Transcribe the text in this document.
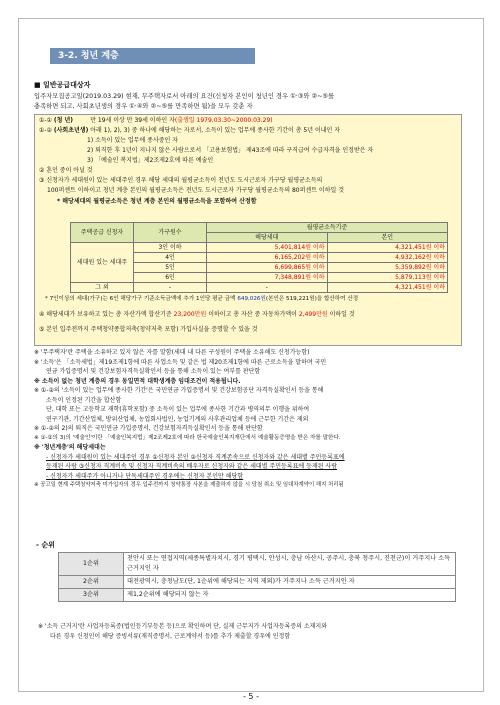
3-2. 청년 계층
■ 일반공급대상자
입주자모집공고일(2019.03.29) 현재, 무주택자로서 아래의 요건(신청자 본인이 청년인 경우 ①·③와 ②~⑤를
충족하면 되고, 사회초년생의 경우 ①·④와 ②~⑤를 만족하면 됨)을 모두 갖춘 자
①-① (청 년)	만 19세 이상 만 39세 이하인 자(출생일 1979.03.30~2000.03.29)
①-② (사회초년생) 아래 1), 2), 3) 중 하나에 해당하는 자로서, 소득이 있는 업무에 종사한 기간이 총 5년 이내인 자
1) 소득이 있는 업무에 종사중인 자
2) 퇴직한 후 1년이 지나지 않은 사람으로서 「고용보험법」 제43조에 따라 구직급여 수급자격을 인정받은 자
3) 「예술인 복지법」제2조제2호에 따른 예술인
② 혼인 중이 아닐 것
③ 신청자가 세대원이 있는 세대주인 경우 해당 세대의 월평균소득이 전년도 도시근로자 가구당 월평균소득의
100퍼센트 이하이고 청년 계층 본인의 월평균소득은 전년도 도시근로자 가구당 월평균소득의 80퍼센트 이하일 것
* 해당세대의 월평균소득은 청년 계층 본인의 월평균소득을 포함하여 산정함
* 7인이상의 세대(가구)는 6인 해당가구 기준소득금액에 추가 1인당 평균 금액 649,026원(본인은 519,221원)을 합산하여 산정
④ 해당세대가 보유하고 있는 총 자산가액 합산기준 23,200만원 이하이고 총 자산 중 자동차가액이 2,499만원 이하일 것
⑤ 본인 입주전까지 주택청약종합저축(청약저축 포함) 가입사실을 증명할 수 있을 것
주택공급 신청자	가구원수	월평균소득기준	
		해당세대	본인
세대원 있는 세대주	3인 이하	5,401,814원 이하	4,321,451원 이하
	4인	6,165,202원 이하	4,932,162원 이하
	5인	6,699,865원 이하	5,359,892원 이하
	6인	7,348,891원 이하	5,879,113원 이하
그 외	-	-	4,321,451원 이하
※ '무주택자'란 주택을 소유하고 있지 않은 자를 말함(세대 내 다른 구성원이 주택을 소유해도 신청가능함)
※ '소득'은 「소득세법」제19조제1항에 따른 사업소득 및 같은 법 제20조제1항에 따른 근로소득을 말하며 국민
연금 가입증명서 및 건강보험자격득실확인서 등을 통해 소득이 있는 여부를 판단함
※ 소득이 없는 청년 계층의 경우 동일면적 대학생계층 임대조건이 적용됩니다.
※ ①-②의 '소득이 있는 업무에 종사한 기간'은 국민연금 가입증명서 및 건강보험공단 자격득실확인서 등을 통해
소득이 인정된 기간을 합산함
단, 대학 또는 고등학교 재학(휴학포함) 중 소득이 있는 업무에 종사한 기간과 병역의무 이행을 위하여
연구기관, 기간산업체, 방위산업체, 농업회사법인, 농업기계의 사후관리업체 등에 근무한 기간은 제외
※ ①-②의 2)의 퇴직은 국민연금 가입증명서, 건강보험자격득실확인서 등을 통해 판단함
※ ①-②의 3)의 '예술인'이란 「예술인복지법」제2조제2호에 따라 한국예술인복지재단에서 예술활동증명을 받은 자를 말한다.
※ '청년계층'의 해당세대는
- 신청자가 세대원이 있는 세대주인 경우 ①신청자 본인 ②신청자 직계존속으로 신청자와 같은 세대별 주민등록표에
등재된 사람 ③신청자 직계비속 및 신청자 직계비속의 배우자로 신청자와 같은 세대별 주민등록표에 등재된 사람
- 신청자가 세대주가 아니거나 단독세대주인 경우에는 신청자 본인만 해당함
※ 공고일 현재 주택청약저축 미가입자의 경우 입주전까지 청약통장 사본을 제출하지 않을 시 당첨 취소 및 임대차계약이 해지 처리됨
- 순위
1순위	천안시 또는 연접지역(세종특별자치시, 경기 평택시, 안성시, 충남 아산시, 공주시, 충북 청주시, 진천군)이 거주지나 소득 근거지인 자
2순위	대전광역시, 충청남도(단, 1순위에 해당되는 지역 제외)가 거주지나 소득 근거지인 자
3순위	제1,2순위에 해당되지 않는 자
※ '소득 근거지'란 사업자등록증(법인등기부등본 등)으로 확인하며 단, 실제 근무지가 사업자등록증의 소재지와
다른 경우 신청인이 해당 증빙서류(재직증명서, 근로계약서 등)를 추가 제출할 경우에 인정함
- 5 -
